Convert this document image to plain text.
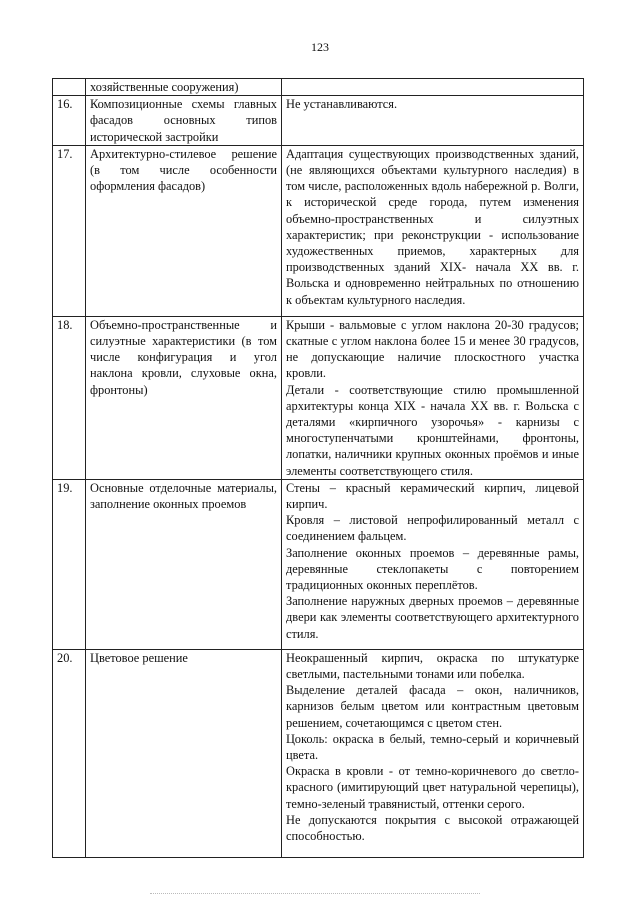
123
	хозяйственные сооружения)	

16.	Композиционные схемы главных фасадов основных типов исторической застройки	Не устанавливаются.

17.	Архитектурно-стилевое решение (в том числе особенности оформления фасадов)	Адаптация существующих производственных зданий, (не являющихся объектами культурного наследия) в том числе, расположенных вдоль набережной р. Волги, к исторической среде города, путем изменения объемно-пространственных и силуэтных характеристик; при реконструкции - использование художественных приемов, характерных для производственных зданий XIX- начала XX вв. г. Вольска и одновременно нейтральных по отношению к объектам культурного наследия.

18.	Объемно-пространственные и силуэтные характеристики (в том числе конфигурация и угол наклона кровли, слуховые окна, фронтоны)	Крыши - вальмовые с углом наклона 20-30 градусов; скатные с углом наклона более 15 и менее 30 градусов, не допускающие наличие плоскостного участка кровли.
Детали - соответствующие стилю промышленной архитектуры конца XIX - начала XX вв. г. Вольска с деталями «кирпичного узорочья» - карнизы с многоступенчатыми кронштейнами, фронтоны, лопатки, наличники крупных оконных проёмов и иные элементы соответствующего стиля.

19.	Основные отделочные материалы, заполнение оконных проемов	Стены – красный керамический кирпич, лицевой кирпич.
Кровля – листовой непрофилированный металл с соединением фальцем.
Заполнение оконных проемов – деревянные рамы, деревянные стеклопакеты с повторением традиционных оконных переплётов.
Заполнение наружных дверных проемов – деревянные двери как элементы соответствующего архитектурного стиля.

20.	Цветовое решение	Неокрашенный кирпич, окраска по штукатурке светлыми, пастельными тонами или побелка.
Выделение деталей фасада – окон, наличников, карнизов белым цветом или контрастным цветовым решением, сочетающимся с цветом стен.
Цоколь: окраска в белый, темно-серый и коричневый цвета.
Окраска в кровли - от темно-коричневого до светло-красного (имитирующий цвет натуральной черепицы), темно-зеленый травянистый, оттенки серого.
Не допускаются покрытия с высокой отражающей способностью.
